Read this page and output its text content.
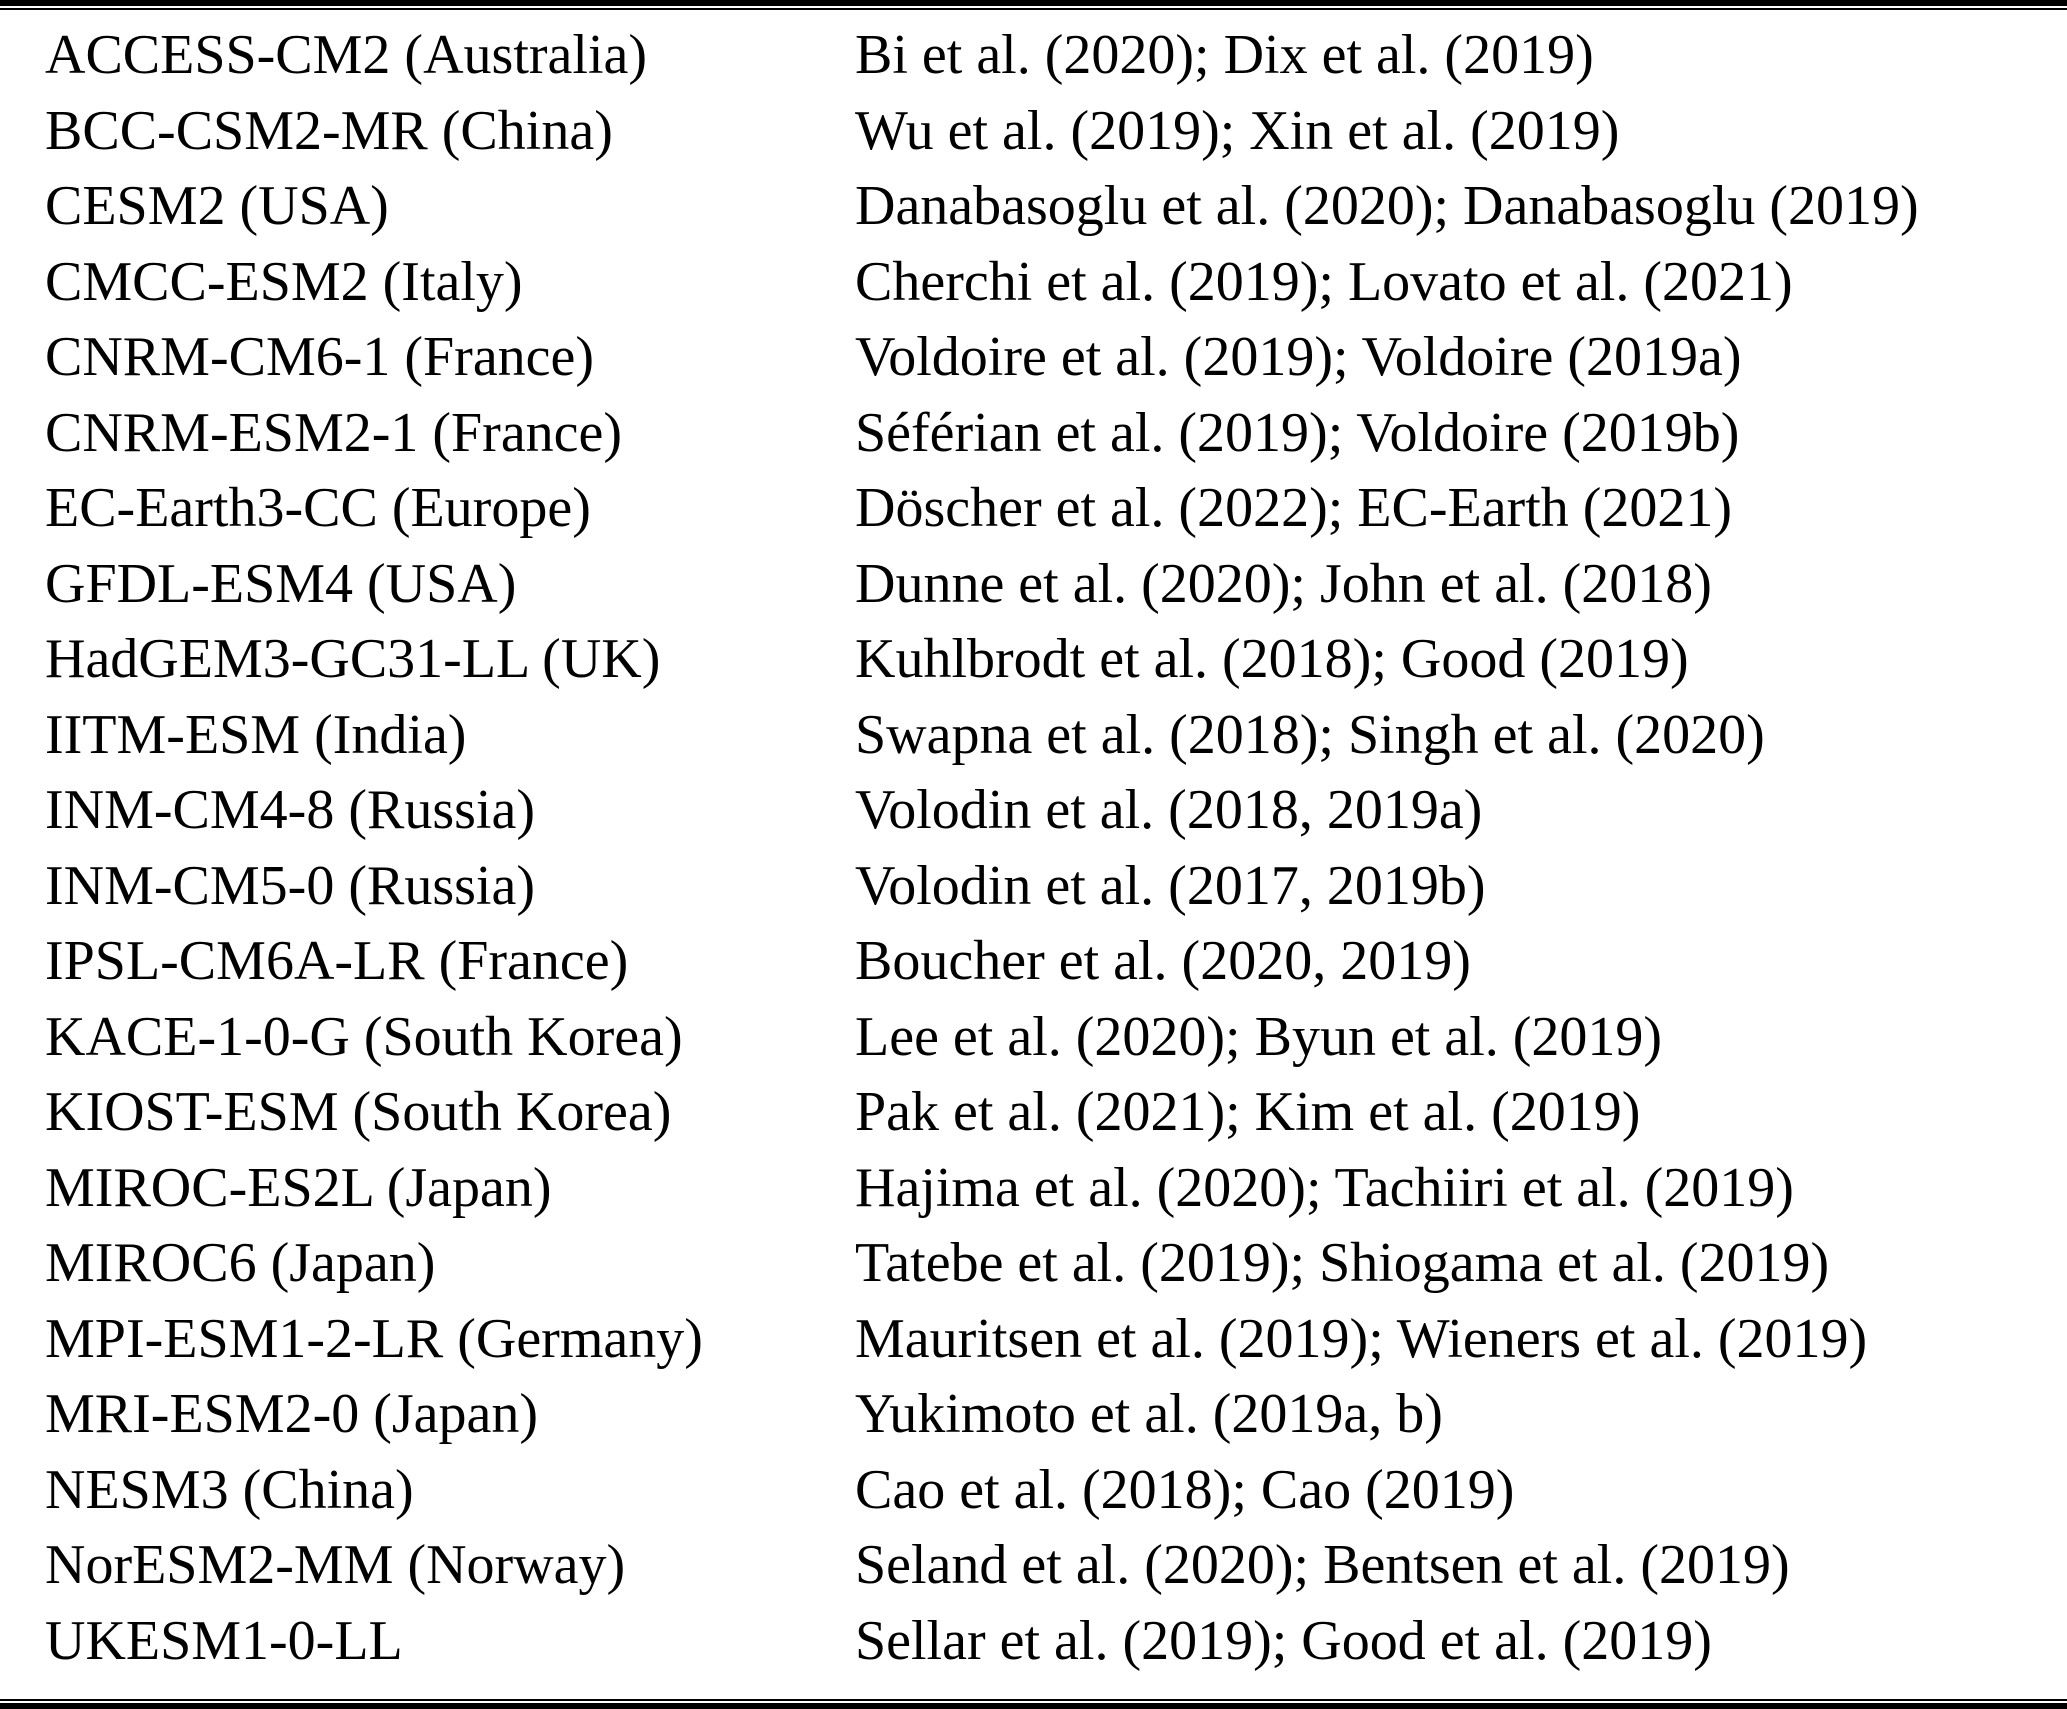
ACCESS-CM2 (Australia)	Bi et al. (2020); Dix et al. (2019)
BCC-CSM2-MR (China)	Wu et al. (2019); Xin et al. (2019)
CESM2 (USA)	Danabasoglu et al. (2020); Danabasoglu (2019)
CMCC-ESM2 (Italy)	Cherchi et al. (2019); Lovato et al. (2021)
CNRM-CM6-1 (France)	Voldoire et al. (2019); Voldoire (2019a)
CNRM-ESM2-1 (France)	Séférian et al. (2019); Voldoire (2019b)
EC-Earth3-CC (Europe)	Döscher et al. (2022); EC-Earth (2021)
GFDL-ESM4 (USA)	Dunne et al. (2020); John et al. (2018)
HadGEM3-GC31-LL (UK)	Kuhlbrodt et al. (2018); Good (2019)
IITM-ESM (India)	Swapna et al. (2018); Singh et al. (2020)
INM-CM4-8 (Russia)	Volodin et al. (2018, 2019a)
INM-CM5-0 (Russia)	Volodin et al. (2017, 2019b)
IPSL-CM6A-LR (France)	Boucher et al. (2020, 2019)
KACE-1-0-G (South Korea)	Lee et al. (2020); Byun et al. (2019)
KIOST-ESM (South Korea)	Pak et al. (2021); Kim et al. (2019)
MIROC-ES2L (Japan)	Hajima et al. (2020); Tachiiri et al. (2019)
MIROC6 (Japan)	Tatebe et al. (2019); Shiogama et al. (2019)
MPI-ESM1-2-LR (Germany)	Mauritsen et al. (2019); Wieners et al. (2019)
MRI-ESM2-0 (Japan)	Yukimoto et al. (2019a, b)
NESM3 (China)	Cao et al. (2018); Cao (2019)
NorESM2-MM (Norway)	Seland et al. (2020); Bentsen et al. (2019)
UKESM1-0-LL	Sellar et al. (2019); Good et al. (2019)
